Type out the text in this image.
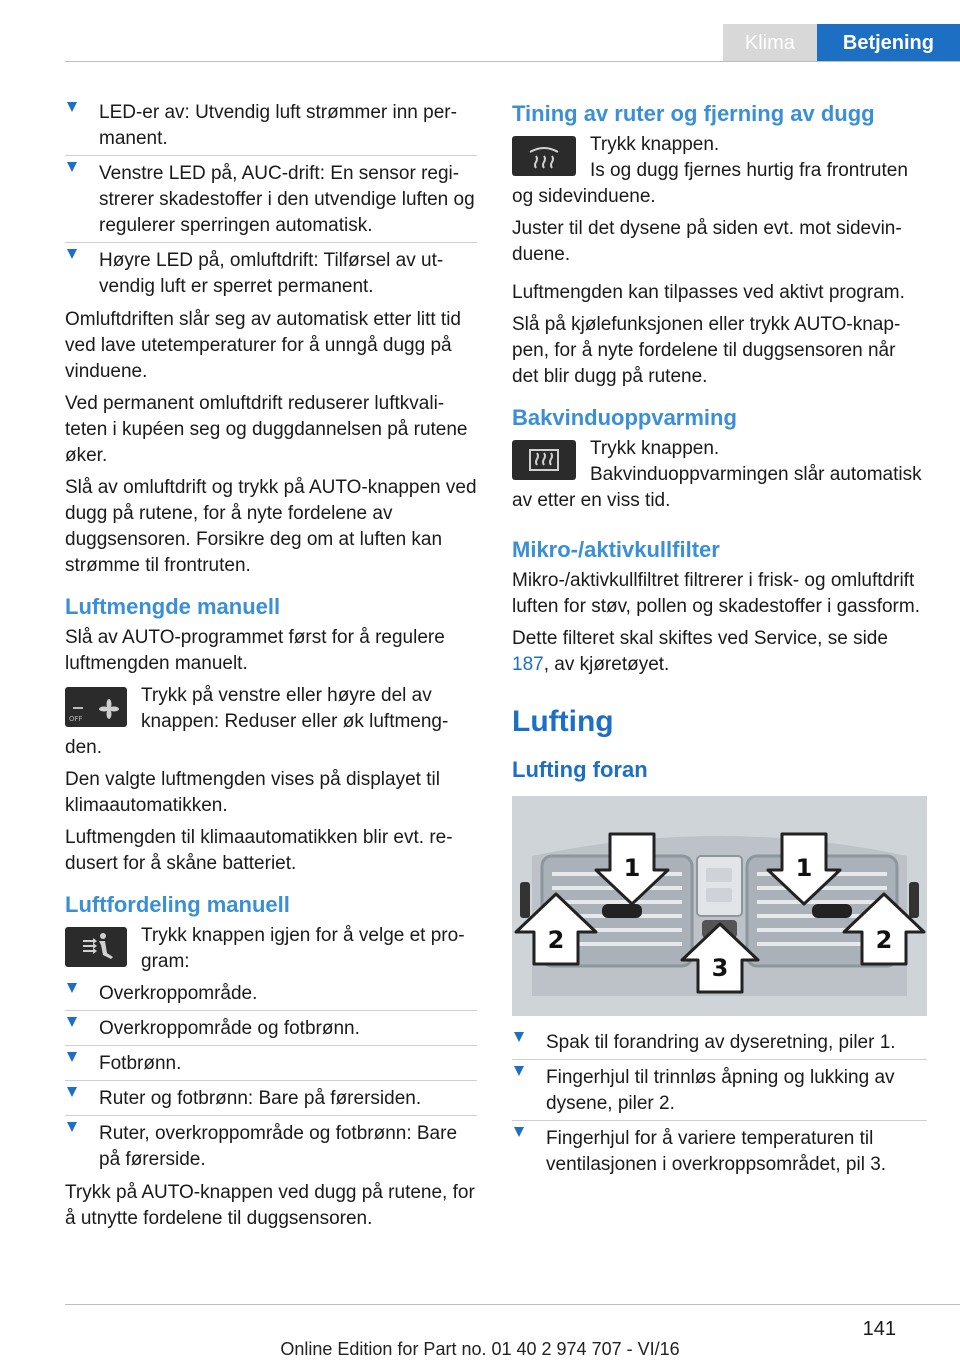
Klima	Betjening
LED-er av: Utvendig luft strømmer inn permanent.
Venstre LED på, AUC-drift: En sensor registrerer skadestoffer i den utvendige luften og regulerer sperringen automatisk.
Høyre LED på, omluftdrift: Tilførsel av utvendig luft er sperret permanent.

Omluftdriften slår seg av automatisk etter litt tid ved lave utetemperaturer for å unngå dugg på vinduene.

Ved permanent omluftdrift reduserer luftkvaliteten i kupéen seg og duggdannelsen på rutene øker.

Slå av omluftdrift og trykk på AUTO-knappen ved dugg på rutene, for å nyte fordelene av duggsensoren. Forsikre deg om at luften kan strømme til frontruten.

Luftmengde manuell

Slå av AUTO-programmet først for å regulere luftmengden manuelt.

OFF
Trykk på venstre eller høyre del av knappen: Reduser eller øk luftmengden.

Den valgte luftmengden vises på displayet til klimaautomatikken.

Luftmengden til klimaautomatikken blir evt. redusert for å skåne batteriet.

Luftfordeling manuell
Trykk knappen igjen for å velge et program:
Overkroppområde.
Overkroppområde og fotbrønn.
Fotbrønn.
Ruter og fotbrønn: Bare på førersiden.
Ruter, overkroppområde og fotbrønn: Bare på førerside.

Trykk på AUTO-knappen ved dugg på rutene, for å utnytte fordelene til duggsensoren.

Tining av ruter og fjerning av dugg
Trykk knappen.
Is og dugg fjernes hurtig fra frontruten og sidevinduene.

Juster til det dysene på siden evt. mot sidevinduene.

Luftmengden kan tilpasses ved aktivt program.

Slå på kjølefunksjonen eller trykk AUTO-knappen, for å nyte fordelene til duggsensoren når det blir dugg på rutene.

Bakvinduoppvarming
Trykk knappen.
Bakvinduoppvarmingen slår automatisk av etter en viss tid.
Mikro-/aktivkullfilter

Mikro-/aktivkullfiltret filtrerer i frisk- og omluftdrift luften for støv, pollen og skadestoffer i gassform.

Dette filteret skal skiftes ved Service, se side 187, av kjøretøyet.

Lufting
Lufting foran
1	1
2	2
3
Spak til forandring av dyseretning, piler 1.
Fingerhjul til trinnløs åpning og lukking av dysene, piler 2.
Fingerhjul for å variere temperaturen til ventilasjonen i overkroppsområdet, pil 3.
141
Online Edition for Part no. 01 40 2 974 707 - VI/16
